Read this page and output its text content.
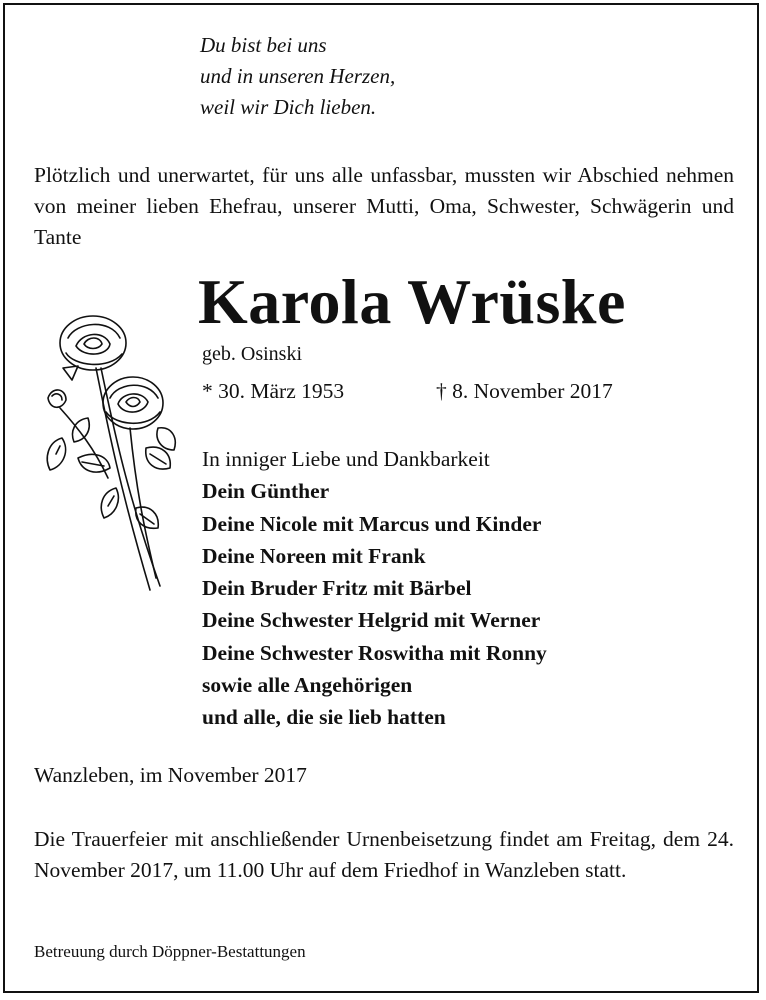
Du bist bei uns
und in unseren Herzen,
weil wir Dich lieben.
Plötzlich und unerwartet, für uns alle unfassbar, mussten wir Abschied nehmen von meiner lieben Ehefrau, unserer Mutti, Oma, Schwester, Schwägerin und Tante
Karola Wrüske
geb. Osinski
* 30. März 1953	† 8. November 2017
In inniger Liebe und Dankbarkeit
Dein Günther
Deine Nicole mit Marcus und Kinder
Deine Noreen mit Frank
Dein Bruder Fritz mit Bärbel
Deine Schwester Helgrid mit Werner
Deine Schwester Roswitha mit Ronny
sowie alle Angehörigen
und alle, die sie lieb hatten
Wanzleben, im November 2017
Die Trauerfeier mit anschließender Urnenbeisetzung findet am Freitag, dem 24. November 2017, um 11.00 Uhr auf dem Friedhof in Wanzleben statt.
Betreuung durch Döppner-Bestattungen
